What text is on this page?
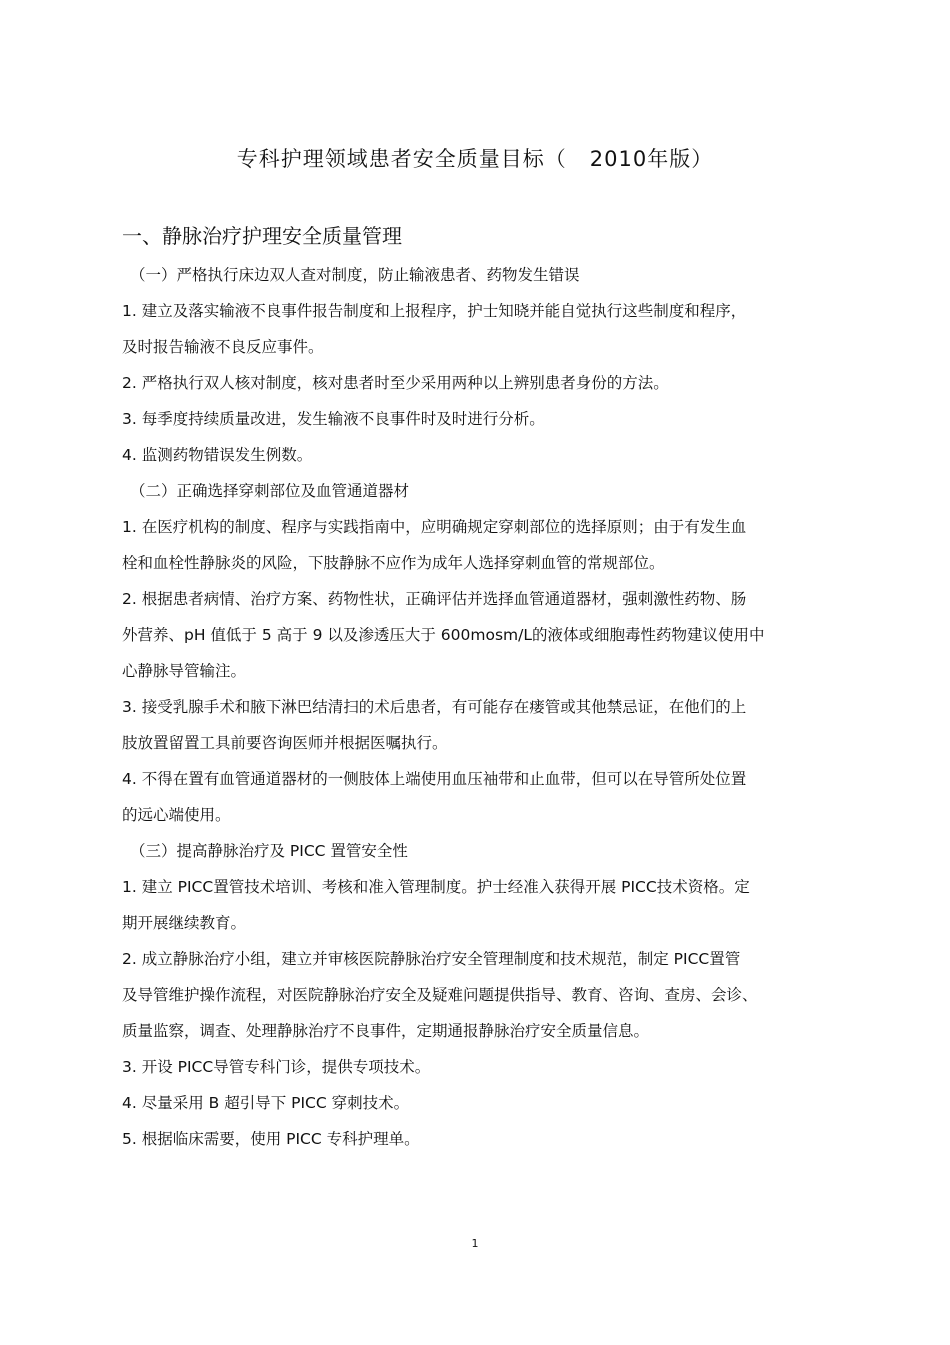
专科护理领域患者安全质量目标（   2010年版）
一、静脉治疗护理安全质量管理
（一）严格执行床边双人查对制度，防止输液患者、药物发生错误
1. 建立及落实输液不良事件报告制度和上报程序，护士知晓并能自觉执行这些制度和程序，
及时报告输液不良反应事件。
2. 严格执行双人核对制度，核对患者时至少采用两种以上辨别患者身份的方法。
3. 每季度持续质量改进，发生输液不良事件时及时进行分析。
4. 监测药物错误发生例数。
（二）正确选择穿刺部位及血管通道器材
1. 在医疗机构的制度、程序与实践指南中，应明确规定穿刺部位的选择原则；由于有发生血
栓和血栓性静脉炎的风险，下肢静脉不应作为成年人选择穿刺血管的常规部位。
2. 根据患者病情、治疗方案、药物性状，正确评估并选择血管通道器材，强刺激性药物、肠
外营养、pH 值低于 5 高于 9 以及渗透压大于 600mosm/L的液体或细胞毒性药物建议使用中
心静脉导管输注。
3. 接受乳腺手术和腋下淋巴结清扫的术后患者，有可能存在瘘管或其他禁忌证，在他们的上
肢放置留置工具前要咨询医师并根据医嘱执行。
4. 不得在置有血管通道器材的一侧肢体上端使用血压袖带和止血带，但可以在导管所处位置
的远心端使用。
（三）提高静脉治疗及 PICC 置管安全性
1. 建立 PICC置管技术培训、考核和准入管理制度。护士经准入获得开展 PICC技术资格。定
期开展继续教育。
2. 成立静脉治疗小组，建立并审核医院静脉治疗安全管理制度和技术规范，制定 PICC置管
及导管维护操作流程，对医院静脉治疗安全及疑难问题提供指导、教育、咨询、查房、会诊、
质量监察，调查、处理静脉治疗不良事件，定期通报静脉治疗安全质量信息。
3. 开设 PICC导管专科门诊，提供专项技术。
4. 尽量采用 B 超引导下 PICC 穿刺技术。
5. 根据临床需要，使用 PICC 专科护理单。
1
